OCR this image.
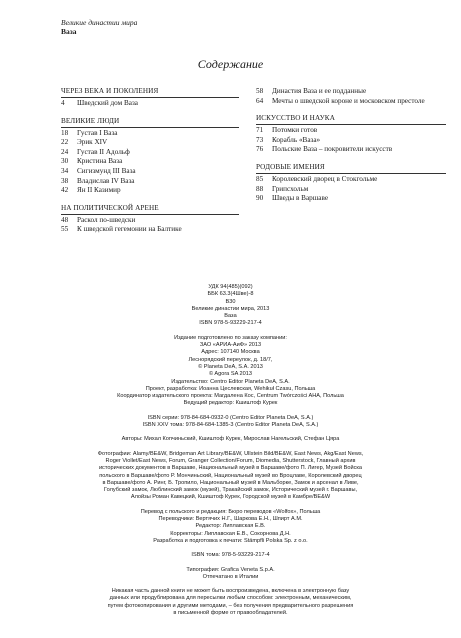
Великие династии мира
Ваза
Содержание
ЧЕРЕЗ ВЕКА И ПОКОЛЕНИЯ
4	Шведский дом Ваза
ВЕЛИКИЕ ЛЮДИ
18	Густав I Ваза
22	Эрик XIV
24	Густав II Адольф
30	Кристина Ваза
34	Сигизмунд III Ваза
38	Владислав IV Ваза
42	Ян II Казимир
НА ПОЛИТИЧЕСКОЙ АРЕНЕ
48	Раскол по-шведски
55	К шведской гегемонии на Балтике
58	Династия Ваза и ее подданные
64	Мечты о шведской короне и московском престоле
ИСКУССТВО И НАУКА
71	Потомки готов
73	Корабль «Ваза»
76	Польские Ваза – покровители искусств
РОДОВЫЕ ИМЕНИЯ
85	Королевский дворец в Стокгольме
88	Грипсхольм
90	Шведы в Варшаве
УДК 94(485)(092)
ББК 63.3(4Шве)-8
В30
Великие династии мира, 2013
Ваза
ISBN 978-5-93229-217-4
Издание подготовлено по заказу компании:
ЗАО «АРИА-АиФ» 2013
Адрес: 107140 Москва
Леснорядский переулок, д. 18/7,
© Planeta DeA, S.A. 2013
© Agora SA 2013
Издательство: Centro Editor Planeta DeA, S.A.
Проект, разработка: Иоанна Цеслевская, Wehikuł Czasu, Польша
Координатор издательского проекта: Магдалена Кос, Centrum Twórczości AHA, Польша
Ведущий редактор: Кшиштоф Курек
ISBN серии: 978-84-684-0932-0 (Centro Editor Planeta DeA, S.A.)
ISBN XXV тома: 978-84-684-1385-3 (Centro Editor Planeta DeA, S.A.)
Авторы: Михал Копчиньский, Кшиштоф Курек, Мирослав Нагельский, Стефан Цяра
Фотографии: Alamy/BE&W, Bridgeman Art Library/BE&W, Ullstein Bild/BE&W, East News, Akg/East News,
Roger Viollet/East News, Forum, Granger Collection/Forum, Diomedia, Shutterstock, Главный архив
исторических документов в Варшаве, Национальный музей в Варшаве/фото П. Лигер, Музей Войска
польского в Варшаве/фото Р. Мончиньский, Национальный музей во Вроцлаве, Королевский дворец
в Варшаве/фото А. Ринг, Б. Тропило, Национальный музей в Мальборке, Замок и арсенал в Ливе,
Голубский замок, Люблинский замок (музей), Тракайский замок, Исторический музей г. Варшавы,
Алойзы Роман Кавецкий, Кшиштоф Курек, Городской музей в Камбре/BE&W
Перевод с польского и редакция: Бюро переводов «Wolfox», Польша
Переводчики: Вертячих Н.Г., Шаркова Е.Н., Шпирт А.М.
Редактор: Липлавская Е.В.
Корректоры: Липлавская Е.В., Сокорнова Д.Н.
Разработка и подготовка к печати: Stämpfli Polska Sp. z o.o.
ISBN тома: 978-5-93229-217-4
Типография: Grafica Veneta S.p.A.
Отпечатано в Италии
Никакая часть данной книги не может быть воспроизведена, включена в электронную базу
данных или продублирована для пересылки любым способом: электронным, механическим,
путем фотокопирования и другими методами, – без получения предварительного разрешения
в письменной форме от правообладателей.
